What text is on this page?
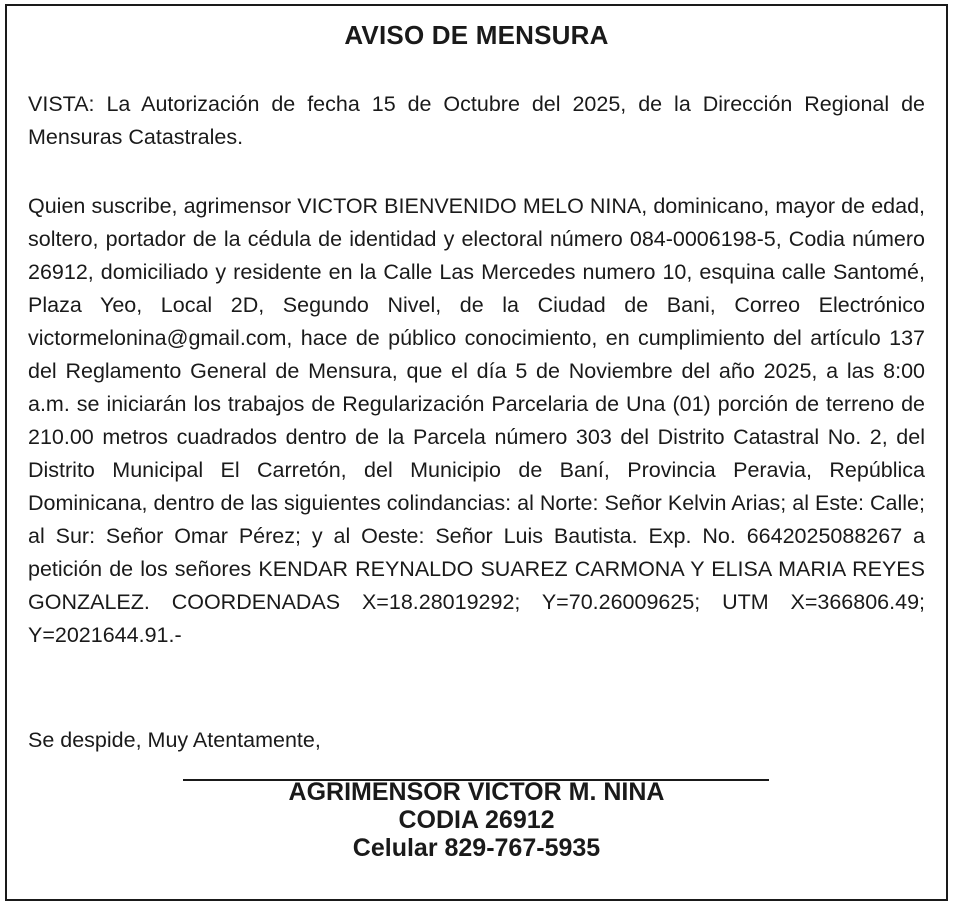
AVISO DE MENSURA

VISTA: La Autorización de fecha 15 de Octubre del 2025, de la Dirección Regional de Mensuras Catastrales.

Quien suscribe, agrimensor VICTOR BIENVENIDO MELO NINA, dominicano, mayor de edad, soltero, portador de la cédula de identidad y electoral número 084-0006198-5, Codia número 26912, domiciliado y residente en la Calle Las Mercedes numero 10, esquina calle Santomé, Plaza Yeo, Local 2D, Segundo Nivel, de la Ciudad de Bani, Correo Electrónico victormelonina@gmail.com, hace de público conocimiento, en cumplimiento del artículo 137 del Reglamento General de Mensura, que el día 5 de Noviembre del año 2025, a las 8:00 a.m. se iniciarán los trabajos de Regularización Parcelaria de Una (01) porción de terreno de 210.00 metros cuadrados dentro de la Parcela número 303 del Distrito Catastral No. 2, del Distrito Municipal El Carretón, del Municipio de Baní, Provincia Peravia, República Dominicana, dentro de las siguientes colindancias: al Norte: Señor Kelvin Arias; al Este: Calle; al Sur: Señor Omar Pérez; y al Oeste: Señor Luis Bautista. Exp. No. 6642025088267 a petición de los señores KENDAR REYNALDO SUAREZ CARMONA Y ELISA MARIA REYES GONZALEZ. COORDENADAS X=18.28019292; Y=70.26009625; UTM X=366806.49; Y=2021644.91.-

Se despide, Muy Atentamente,

AGRIMENSOR VICTOR M. NINA
CODIA 26912
Celular 829-767-5935
